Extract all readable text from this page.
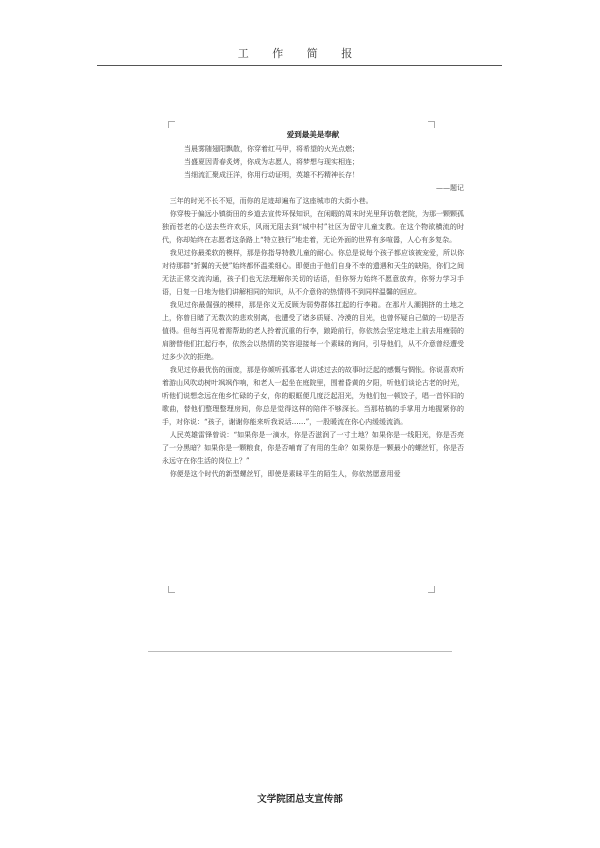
工 作 简 报
爱到最美是奉献
当晨雾随翅阳飘散，你穿着红马甲，将希望的火光点燃；
当盛夏因青春炙烤，你成为志愿人，将梦想与现实相连；
当细流汇聚成汪洋，你用行动证明，英雄不朽精神长存！
——题记

三年的时光不长不短，而你的足迹却遍布了这座城市的大街小巷。

你穿梭于偏远小镇街田的乡道去宣传环保知识，在闲暇的周末时光里拜访敬老院，为那一颗颗孤独而苍老的心送去些许欢乐，风雨无阻去到“城中村”社区为留守儿童支教。在这个物欲横流的时代，你却始终在志愿者这条路上“特立独行”地走着，无论外面的世界有多喧嚣，人心有多复杂。

我见过你最柔软的模样，那是你指导特教儿童的耐心。你总是说每个孩子都应该被宠爱，所以你对待那群“折翼的天使”始终都怀温柔细心。即便由于他们自身不幸的遗遇和天生的缺陷，你们之间无法正常交流沟通，孩子们也无法理解你关切的话语，但你努力始终不愿意放弃，你努力学习手语，日复一日地为他们讲解相同的知识，从不介意你的热情得不到同样温馨的回应。

我见过你最倔强的模样，那是你义无反顾为弱势群体扛起的行李箱。在那片人潮拥挤的土地之上，你曾目睹了无数次的悲欢别离，也遭受了诸多质疑、冷漠的目光，也曾怀疑自己做的一切是否值得。但每当再见着需帮助的老人拎着沉重的行李，踉跄前行，你依然会坚定地走上前去用瘦弱的肩膀替他们扛起行李，依然会以热情的笑容迎接每一个素昧的询问，引导他们，从不介意曾经遭受过多少次的拒绝。

我见过你最优伤的面庞，那是你倾听孤寡老人讲述过去的故事时泛起的感慨与惆怅。你说喜欢听着游山风吹动树叶飒飒作响，和老人一起坐在庭院里，围着昏黄的夕阳，听他们谈论古老的时光，听他们说想念远在他乡忙碌的子女，你的眼眶便几度泛起泪光，为他们包一顿饺子，唱一首怀旧的歌曲，替他们整理整理房间，你总是觉得这样的陪伴不够深长。当那枯槁的手掌用力地握紧你的手，对你说：“孩子，谢谢你能来听我说话……”，一股暖流在你心内缓缓流淌。

人民英雄雷锋曾说：“如果你是一滴水，你是否滋润了一寸土地？如果你是一线阳光，你是否亮了一分黑暗？如果你是一颗粮食，你是否哺育了有用的生命？如果你是一颗最小的螺丝钉，你是否永远守在你生活的岗位上？”

你便是这个时代的新型螺丝钉，即使是素昧平生的陌生人，你依然愿意用爱

文学院团总支宣传部
